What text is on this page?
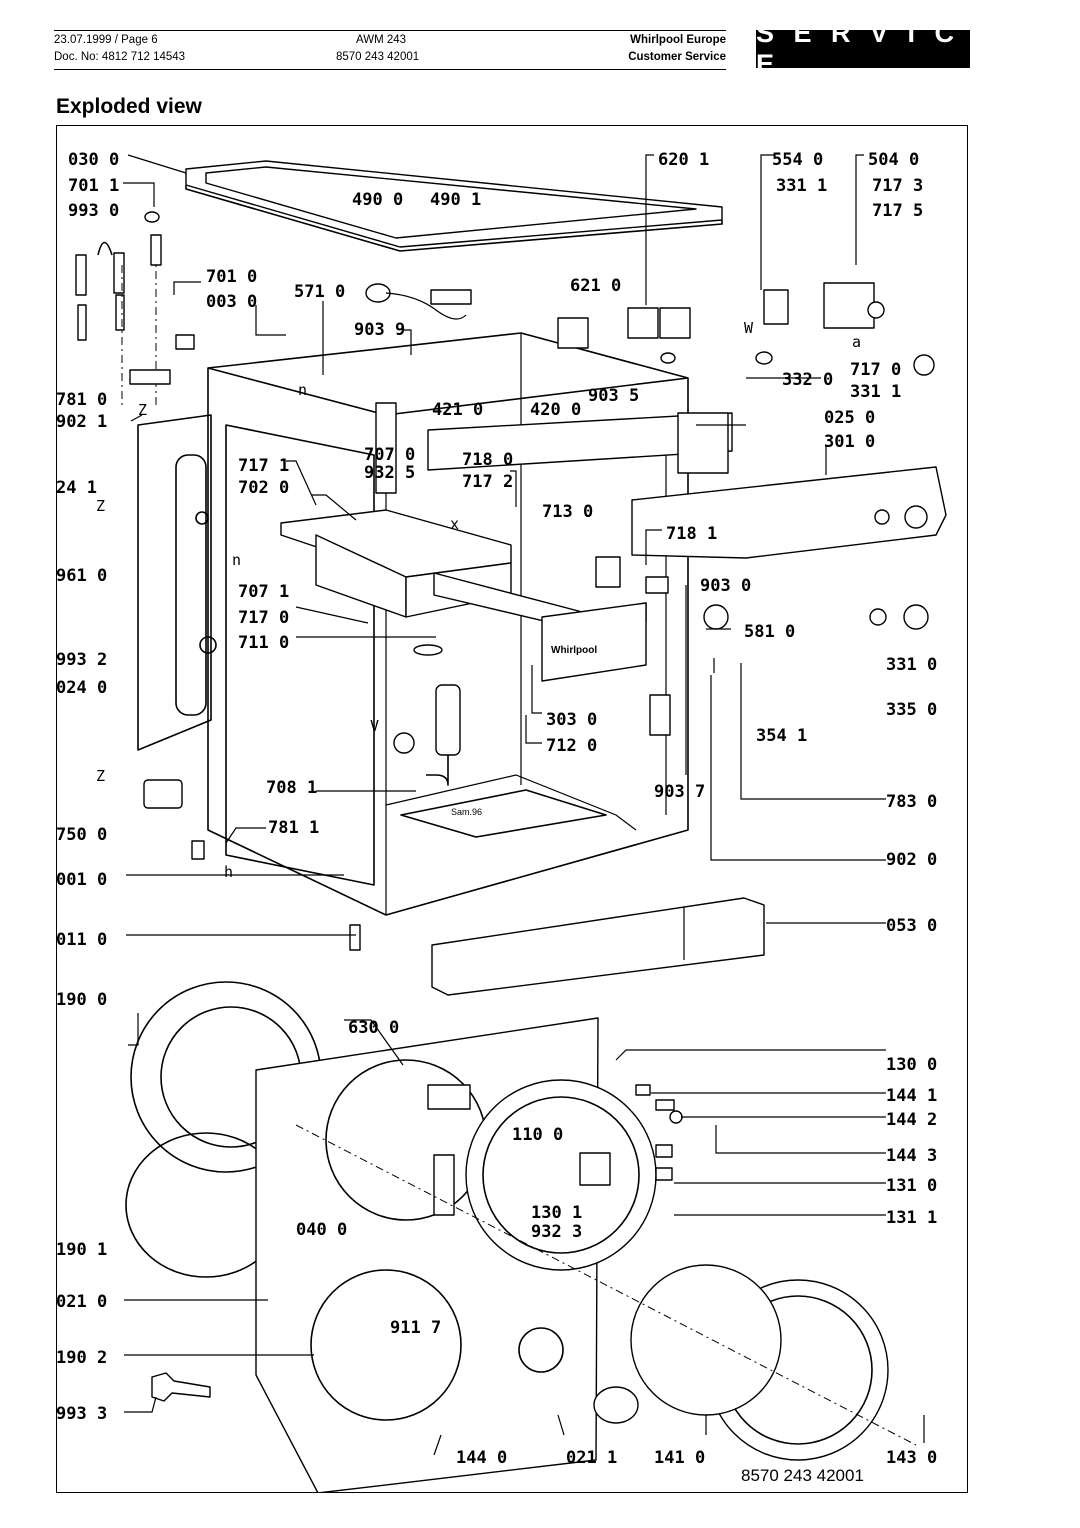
23.07.1999 / Page 6
Doc. No: 4812 712 14543
AWM 243
8570 243 42001
Whirlpool Europe
Customer Service
S E R V I C E
Exploded view
Whirlpool
030 0
701 1
993 0
490 0 490 1
620 1	554 0	504 0
331 1	717 3
717 5
701 0
003 0 571 0	621 0
903 9
781 0
902 1
421 0	420 0
903 5
332 0 717 0
331 1
025 0
301 0
24 1
717 1
702 0
707 0
932 5
718 0
717 2
713 0
718 1
961 0
707 1
717 0
711 0
903 0
581 0
993 2
024 0
331 0
335 0
303 0
712 0	354 1
708 1	903 7	783 0
750 0	781 1
001 0
902 0
011 0
053 0
190 0
630 0
130 0
144 1
144 2
110 0
144 3
131 0
130 1
932 3
131 1
190 1
040 0
021 0
911 7
190 2
993 3
144 0	021 1 141 0	143 0
n
W
a
Z
Z
x
n
V
Z
h
Sam.96
8570 243 42001
